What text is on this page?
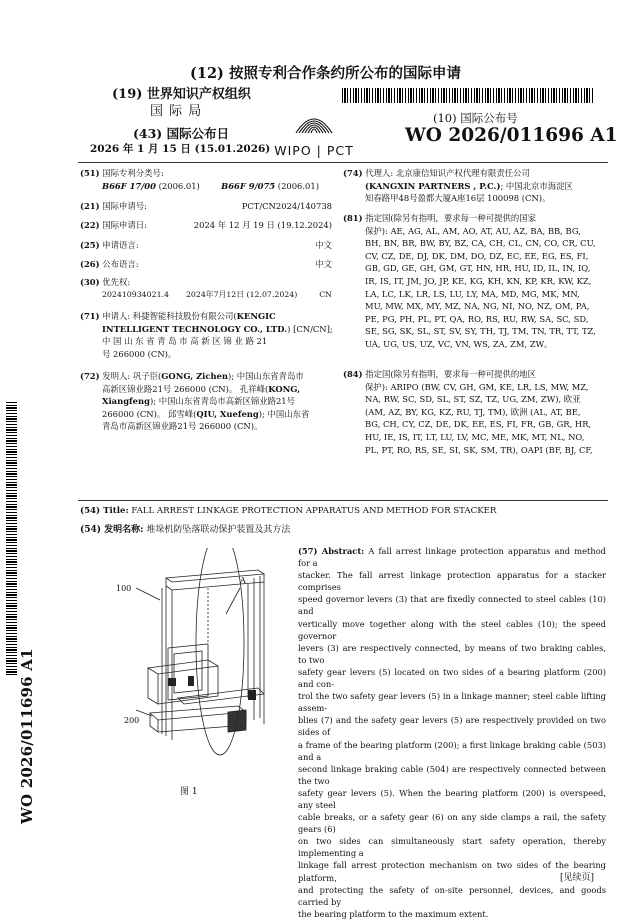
(12) 按照专利合作条约所公布的国际申请
(19) 世界知识产权组织
国 际 局
(43) 国际公布日
2026 年 1 月 15 日 (15.01.2026) WIPO | PCT
(10) 国际公布号
WO 2026/011696 A1
(51) 国际专利分类号:
B66F 17/00 (2006.01)	B66F 9/075 (2006.01)
(21) 国际申请号:	PCT/CN2024/140738
(22) 国际申请日:	2024 年 12 月 19 日 (19.12.2024)
(25) 申请语言:	中文
(26) 公布语言:	中文
(30) 优先权:
202410934021.4 2024年7月12日 (12.07.2024)	CN
(71) 申请人: 科捷智能科技股份有限公司(KENGIC
INTELLIGENT TECHNOLOGY CO., LTD.) [CN/CN];
中 国 山 东 省 青 岛 市 高 新 区 锦 业 路 21
号 266000 (CN)。
(72) 发明人: 巩子臣(GONG, Zichen); 中国山东省青岛市
高新区锦业路21号 266000 (CN)。 孔祥峰(KONG,
Xiangfeng); 中国山东省青岛市高新区锦业路21号
266000 (CN)。 邱雪峰(QIU, Xuefeng); 中国山东省
青岛市高新区锦业路21号 266000 (CN)。
(74) 代理人: 北京康信知识产权代理有限责任公司
(KANGXIN PARTNERS , P.C.); 中国北京市海淀区
知春路甲48号盈都大厦A座16层 100098 (CN)。
(81) 指定国(除另有指明，要求每一种可提供的国家
保护): AE, AG, AL, AM, AO, AT, AU, AZ, BA, BB, BG,
BH, BN, BR, BW, BY, BZ, CA, CH, CL, CN, CO, CR, CU,
CV, CZ, DE, DJ, DK, DM, DO, DZ, EC, EE, EG, ES, FI,
GB, GD, GE, GH, GM, GT, HN, HR, HU, ID, IL, IN, IQ,
IR, IS, IT, JM, JO, JP, KE, KG, KH, KN, KP, KR, KW, KZ,
LA, LC, LK, LR, LS, LU, LY, MA, MD, MG, MK, MN,
MU, MW, MX, MY, MZ, NA, NG, NI, NO, NZ, OM, PA,
PE, PG, PH, PL, PT, QA, RO, RS, RU, RW, SA, SC, SD,
SE, SG, SK, SL, ST, SV, SY, TH, TJ, TM, TN, TR, TT, TZ,
UA, UG, US, UZ, VC, VN, WS, ZA, ZM, ZW。
(84) 指定国(除另有指明，要求每一种可提供的地区
保护): ARIPO (BW, CV, GH, GM, KE, LR, LS, MW, MZ,
NA, RW, SC, SD, SL, ST, SZ, TZ, UG, ZM, ZW), 欧亚
(AM, AZ, BY, KG, KZ, RU, TJ, TM), 欧洲 (AL, AT, BE,
BG, CH, CY, CZ, DE, DK, EE, ES, FI, FR, GB, GR, HR,
HU, IE, IS, IT, LT, LU, LV, MC, ME, MK, MT, NL, NO,
PL, PT, RO, RS, SE, SI, SK, SM, TR), OAPI (BF, BJ, CF,
(54) Title: FALL ARREST LINKAGE PROTECTION APPARATUS AND METHOD FOR STACKER
(54) 发明名称: 堆垛机防坠落联动保护装置及其方法
100
A
200
图 1
(57) Abstract: A fall arrest linkage protection apparatus and method for a
stacker. The fall arrest linkage protection apparatus for a stacker comprises
speed governor levers (3) that are fixedly connected to steel cables (10) and
vertically move together along with the steel cables (10); the speed governor
levers (3) are respectively connected, by means of two braking cables, to two
safety gear levers (5) located on two sides of a bearing platform (200) and con-
trol the two safety gear levers (5) in a linkage manner; steel cable lifting assem-
blies (7) and the safety gear levers (5) are respectively provided on two sides of
a frame of the bearing platform (200); a first linkage braking cable (503) and a
second linkage braking cable (504) are respectively connected between the two
safety gear levers (5). When the bearing platform (200) is overspeed, any steel
cable breaks, or a safety gear (6) on any side clamps a rail, the safety gears (6)
on two sides can simultaneously start safety operation, thereby implementing a
linkage fall arrest protection mechanism on two sides of the bearing platform,
and protecting the safety of on-site personnel, devices, and goods carried by
the bearing platform to the maximum extent.
WO 2026/011696 A1
[见续页]
